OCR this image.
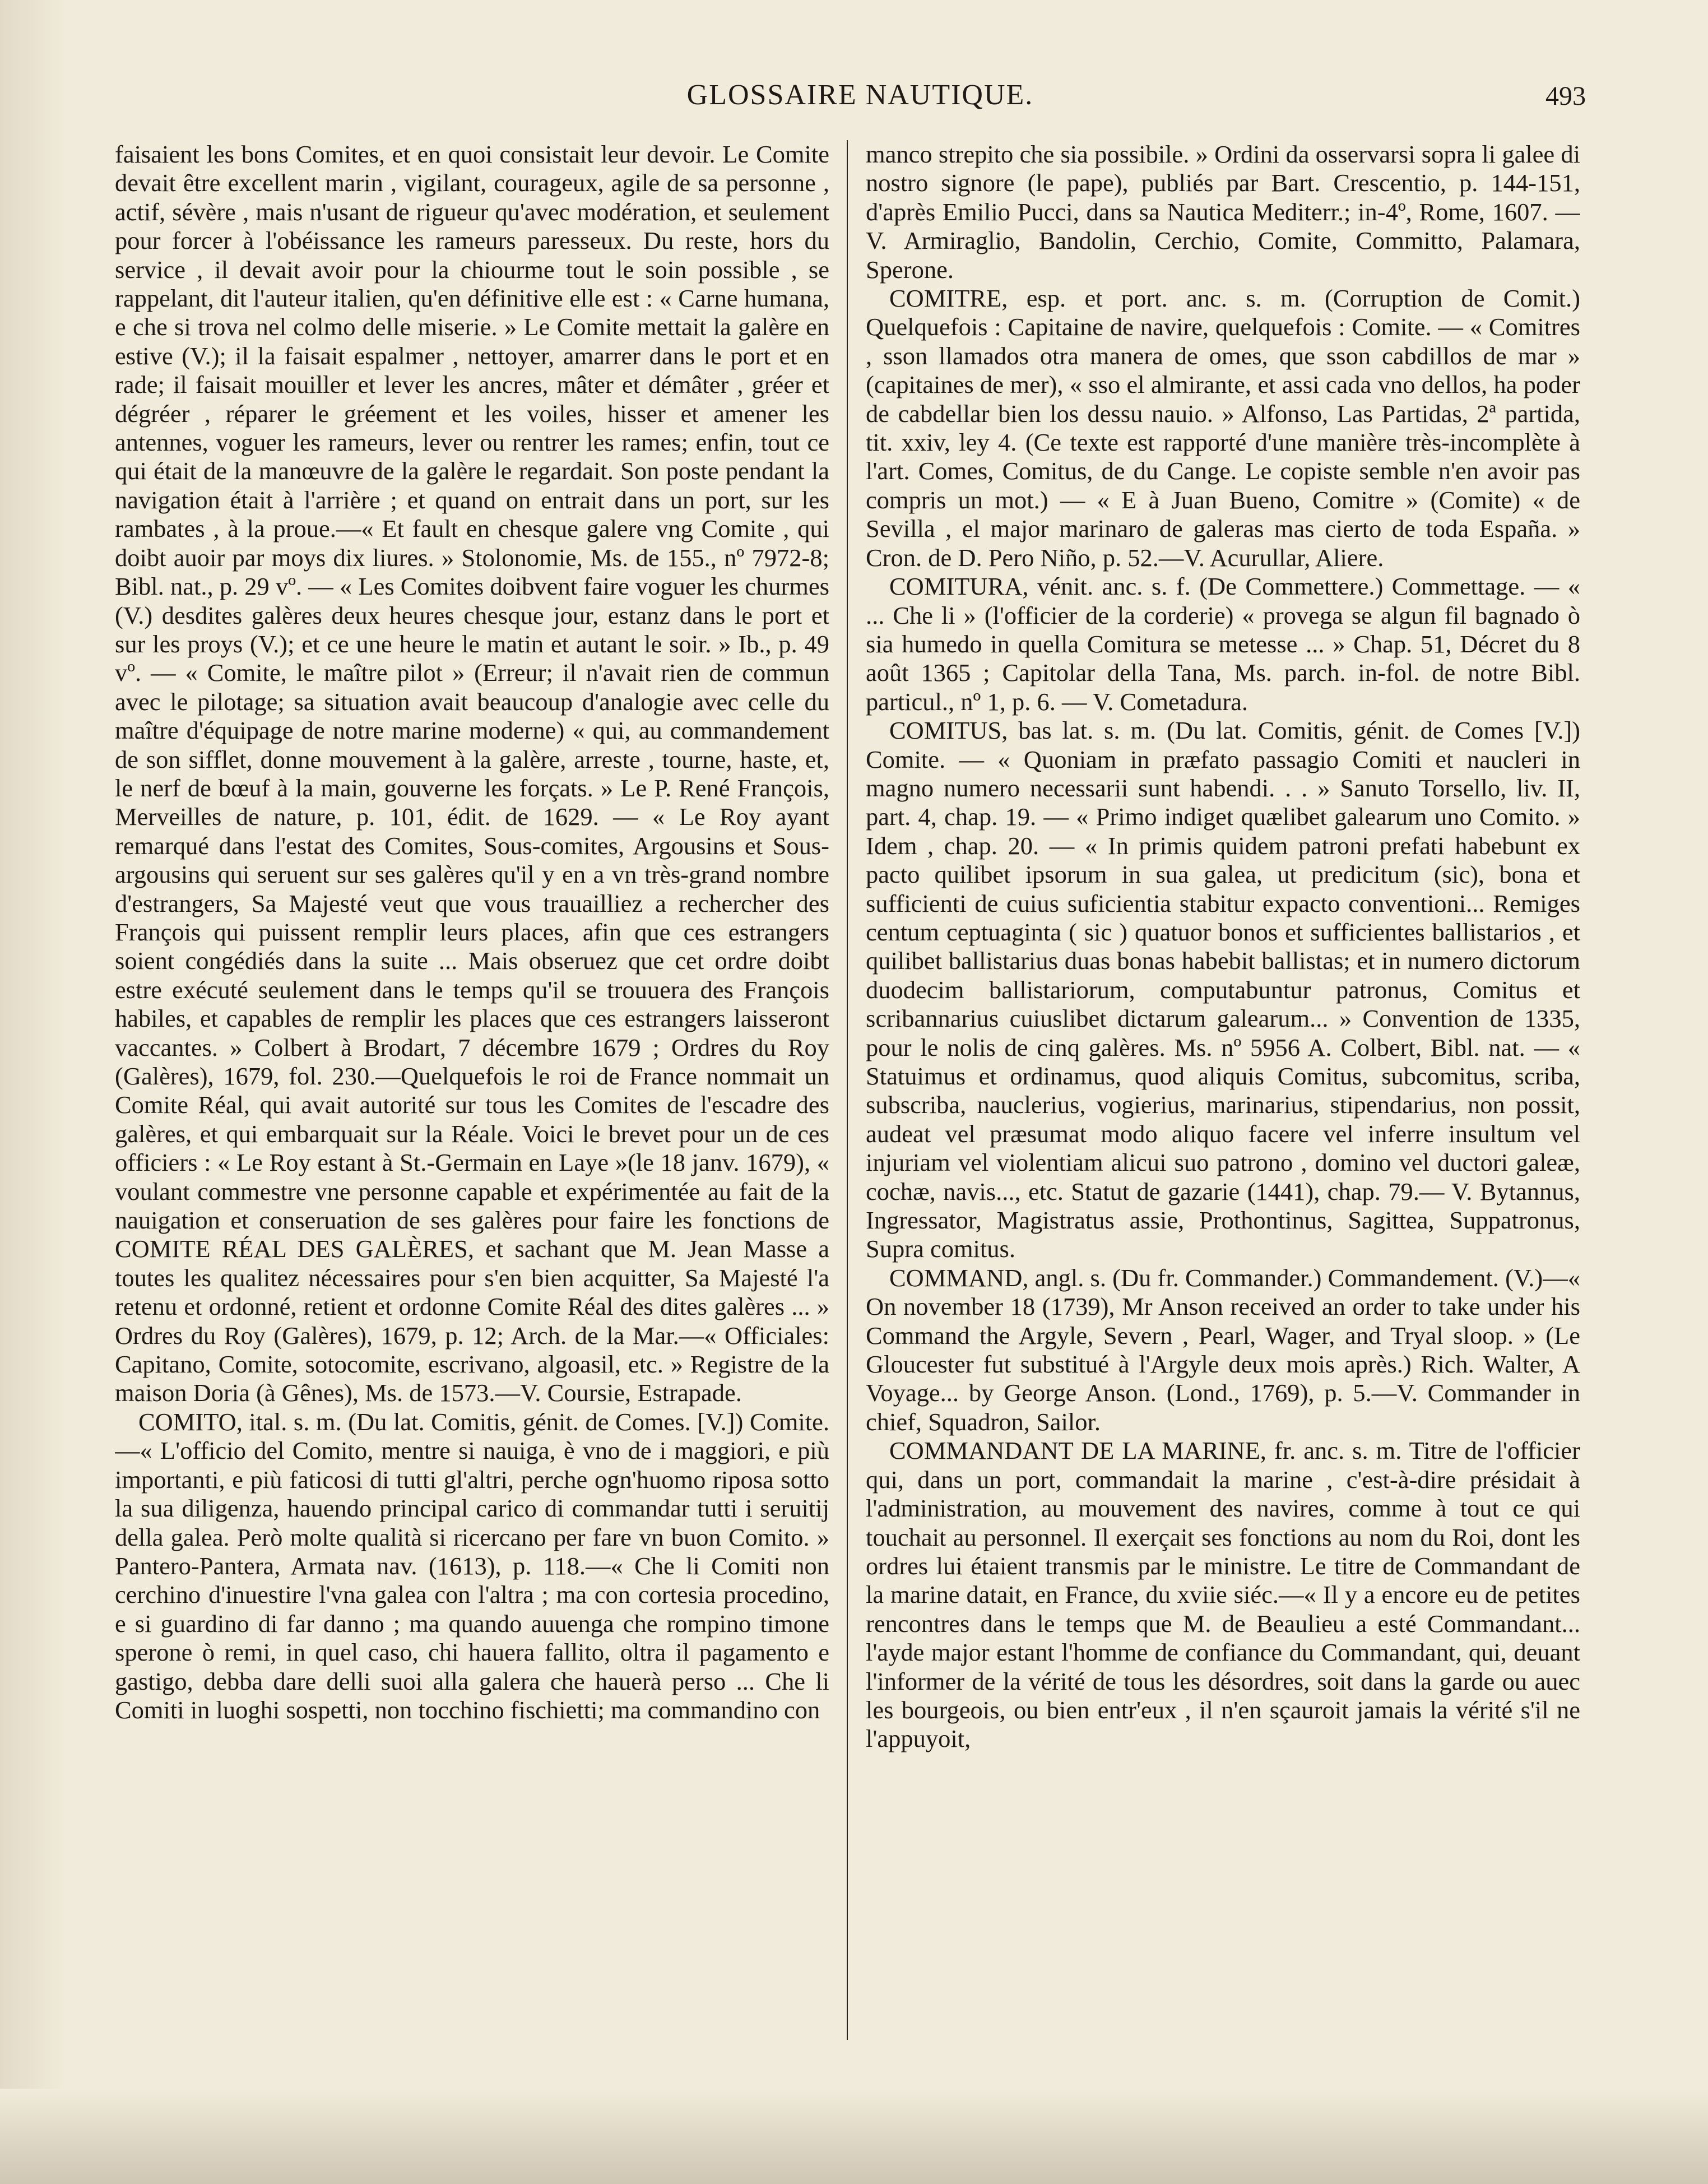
GLOSSAIRE NAUTIQUE.	493

faisaient les bons Comites, et en quoi consistait leur devoir. Le Comite devait être excellent marin , vigilant, courageux, agile de sa personne , actif, sévère , mais n'usant de rigueur qu'avec modération, et seulement pour forcer à l'obéissance les rameurs paresseux. Du reste, hors du service , il devait avoir pour la chiourme tout le soin possible , se rappelant, dit l'auteur italien, qu'en définitive elle est : « Carne humana, e che si trova nel colmo delle miserie. » Le Comite mettait la galère en estive (V.); il la faisait espalmer , nettoyer, amarrer dans le port et en rade; il faisait mouiller et lever les ancres, mâter et démâter , gréer et dégréer , réparer le gréement et les voiles, hisser et amener les antennes, voguer les rameurs, lever ou rentrer les rames; enfin, tout ce qui était de la manœuvre de la galère le regardait. Son poste pendant la navigation était à l'arrière ; et quand on entrait dans un port, sur les rambates , à la proue.—« Et fault en chesque galere vng Comite , qui doibt auoir par moys dix liures. » Stolonomie, Ms. de 155., nº 7972-8; Bibl. nat., p. 29 vº. — « Les Comites doibvent faire voguer les churmes (V.) desdites galères deux heures chesque jour, estanz dans le port et sur les proys (V.); et ce une heure le matin et autant le soir. » Ib., p. 49 vº. — « Comite, le maître pilot » (Erreur; il n'avait rien de commun avec le pilotage; sa situation avait beaucoup d'analogie avec celle du maître d'équipage de notre marine moderne) « qui, au commandement de son sifflet, donne mouvement à la galère, arreste , tourne, haste, et, le nerf de bœuf à la main, gouverne les forçats. » Le P. René François, Merveilles de nature, p. 101, édit. de 1629. — « Le Roy ayant remarqué dans l'estat des Comites, Sous-comites, Argousins et Sous-argousins qui seruent sur ses galères qu'il y en a vn très-grand nombre d'estrangers, Sa Majesté veut que vous trauailliez a rechercher des François qui puissent remplir leurs places, afin que ces estrangers soient congédiés dans la suite ... Mais obseruez que cet ordre doibt estre exécuté seulement dans le temps qu'il se trouuera des François habiles, et capables de remplir les places que ces estrangers laisseront vaccantes. » Colbert à Brodart, 7 décembre 1679 ; Ordres du Roy (Galères), 1679, fol. 230.—Quelquefois le roi de France nommait un Comite Réal, qui avait autorité sur tous les Comites de l'escadre des galères, et qui embarquait sur la Réale. Voici le brevet pour un de ces officiers : « Le Roy estant à St.-Germain en Laye »(le 18 janv. 1679), « voulant commestre vne personne capable et expérimentée au fait de la nauigation et conseruation de ses galères pour faire les fonctions de COMITE RÉAL DES GALÈRES, et sachant que M. Jean Masse a toutes les qualitez nécessaires pour s'en bien acquitter, Sa Majesté l'a retenu et ordonné, retient et ordonne Comite Réal des dites galères ... » Ordres du Roy (Galères), 1679, p. 12; Arch. de la Mar.—« Officiales: Capitano, Comite, sotocomite, escrivano, algoasil, etc. » Registre de la maison Doria (à Gênes), Ms. de 1573.—V. Coursie, Estrapade.

COMITO, ital. s. m. (Du lat. Comitis, génit. de Comes. [V.]) Comite.—« L'officio del Comito, mentre si nauiga, è vno de i maggiori, e più importanti, e più faticosi di tutti gl'altri, perche ogn'huomo riposa sotto la sua diligenza, hauendo principal carico di commandar tutti i seruitij della galea. Però molte qualità si ricercano per fare vn buon Comito. » Pantero-Pantera, Armata nav. (1613), p. 118.—« Che li Comiti non cerchino d'inuestire l'vna galea con l'altra ; ma con cortesia procedino, e si guardino di far danno ; ma quando auuenga che rompino timone sperone ò remi, in quel caso, chi hauera fallito, oltra il pagamento e gastigo, debba dare delli suoi alla galera che hauerà perso ... Che li Comiti in luoghi sospetti, non tocchino fischietti; ma commandino con

manco strepito che sia possibile. » Ordini da osservarsi sopra li galee di nostro signore (le pape), publiés par Bart. Crescentio, p. 144-151, d'après Emilio Pucci, dans sa Nautica Mediterr.; in-4º, Rome, 1607. — V. Armiraglio, Bandolin, Cerchio, Comite, Committo, Palamara, Sperone.

COMITRE, esp. et port. anc. s. m. (Corruption de Comit.) Quelquefois : Capitaine de navire, quelquefois : Comite. — « Comitres , sson llamados otra manera de omes, que sson cabdillos de mar » (capitaines de mer), « sso el almirante, et assi cada vno dellos, ha poder de cabdellar bien los dessu nauio. » Alfonso, Las Partidas, 2ª partida, tit. xxiv, ley 4. (Ce texte est rapporté d'une manière très-incomplète à l'art. Comes, Comitus, de du Cange. Le copiste semble n'en avoir pas compris un mot.) — « E à Juan Bueno, Comitre » (Comite) « de Sevilla , el major marinaro de galeras mas cierto de toda España. » Cron. de D. Pero Niño, p. 52.—V. Acurullar, Aliere.

COMITURA, vénit. anc. s. f. (De Commettere.) Commettage. — « ... Che li » (l'officier de la corderie) « provega se algun fil bagnado ò sia humedo in quella Comitura se metesse ... » Chap. 51, Décret du 8 août 1365 ; Capitolar della Tana, Ms. parch. in-fol. de notre Bibl. particul., nº 1, p. 6. — V. Cometadura.

COMITUS, bas lat. s. m. (Du lat. Comitis, génit. de Comes [V.]) Comite. — « Quoniam in præfato passagio Comiti et naucleri in magno numero necessarii sunt habendi. . . » Sanuto Torsello, liv. II, part. 4, chap. 19. — « Primo indiget quælibet galearum uno Comito. » Idem , chap. 20. — « In primis quidem patroni prefati habebunt ex pacto quilibet ipsorum in sua galea, ut predicitum (sic), bona et sufficienti de cuius suficientia stabitur expacto conventioni... Remiges centum ceptuaginta ( sic ) quatuor bonos et sufficientes ballistarios , et quilibet ballistarius duas bonas habebit ballistas; et in numero dictorum duodecim ballistariorum, computabuntur patronus, Comitus et scribannarius cuiuslibet dictarum galearum... » Convention de 1335, pour le nolis de cinq galères. Ms. nº 5956 A. Colbert, Bibl. nat. — « Statuimus et ordinamus, quod aliquis Comitus, subcomitus, scriba, subscriba, nauclerius, vogierius, marinarius, stipendarius, non possit, audeat vel præsumat modo aliquo facere vel inferre insultum vel injuriam vel violentiam alicui suo patrono , domino vel ductori galeæ, cochæ, navis..., etc. Statut de gazarie (1441), chap. 79.— V. Bytannus, Ingressator, Magistratus assie, Prothontinus, Sagittea, Suppatronus, Supra comitus.

COMMAND, angl. s. (Du fr. Commander.) Commandement. (V.)—« On november 18 (1739), Mr Anson received an order to take under his Command the Argyle, Severn , Pearl, Wager, and Tryal sloop. » (Le Gloucester fut substitué à l'Argyle deux mois après.) Rich. Walter, A Voyage... by George Anson. (Lond., 1769), p. 5.—V. Commander in chief, Squadron, Sailor.

COMMANDANT DE LA MARINE, fr. anc. s. m. Titre de l'officier qui, dans un port, commandait la marine , c'est-à-dire présidait à l'administration, au mouvement des navires, comme à tout ce qui touchait au personnel. Il exerçait ses fonctions au nom du Roi, dont les ordres lui étaient transmis par le ministre. Le titre de Commandant de la marine datait, en France, du xviie siéc.—« Il y a encore eu de petites rencontres dans le temps que M. de Beaulieu a esté Commandant... l'ayde major estant l'homme de confiance du Commandant, qui, deuant l'informer de la vérité de tous les désordres, soit dans la garde ou auec les bourgeois, ou bien entr'eux , il n'en sçauroit jamais la vérité s'il ne l'appuyoit,
